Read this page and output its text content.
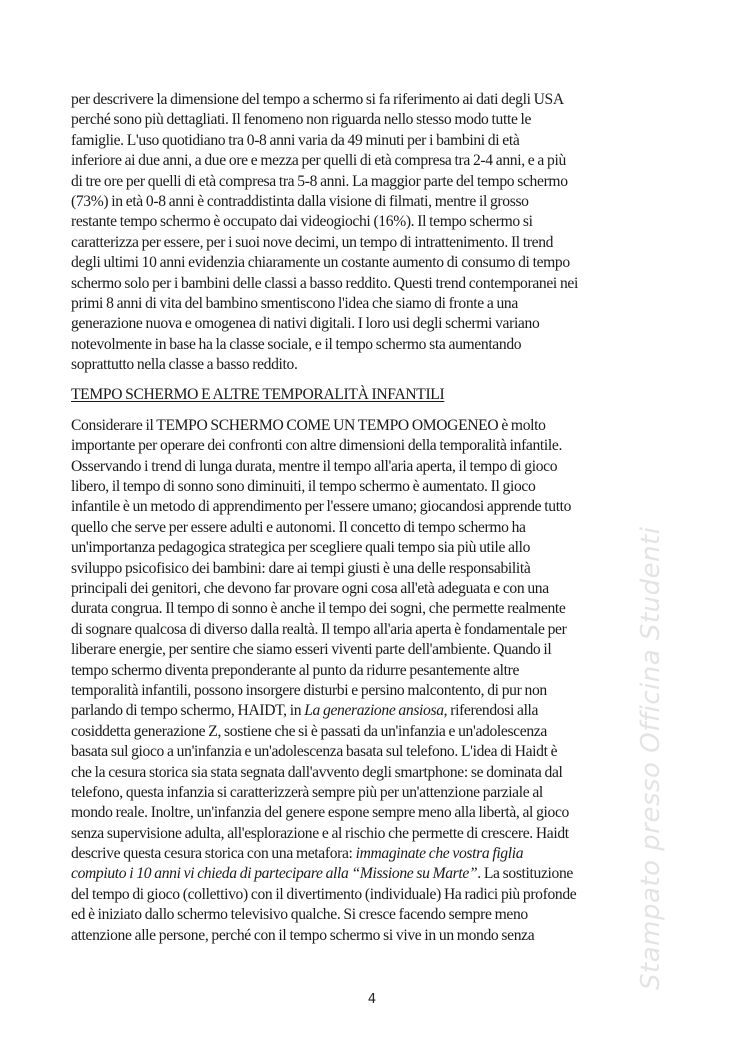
Stampato presso Officina Studenti
per descrivere la dimensione del tempo a schermo si fa riferimento ai dati degli USA
perché sono più dettagliati. Il fenomeno non riguarda nello stesso modo tutte le
famiglie. L'uso quotidiano tra 0-8 anni varia da 49 minuti per i bambini di età
inferiore ai due anni, a due ore e mezza per quelli di età compresa tra 2-4 anni, e a più
di tre ore per quelli di età compresa tra 5-8 anni. La maggior parte del tempo schermo
(73%) in età 0-8 anni è contraddistinta dalla visione di filmati, mentre il grosso
restante tempo schermo è occupato dai videogiochi (16%). Il tempo schermo si
caratterizza per essere, per i suoi nove decimi, un tempo di intrattenimento. Il trend
degli ultimi 10 anni evidenzia chiaramente un costante aumento di consumo di tempo
schermo solo per i bambini delle classi a basso reddito. Questi trend contemporanei nei
primi 8 anni di vita del bambino smentiscono l'idea che siamo di fronte a una
generazione nuova e omogenea di nativi digitali. I loro usi degli schermi variano
notevolmente in base ha la classe sociale, e il tempo schermo sta aumentando
soprattutto nella classe a basso reddito.
TEMPO SCHERMO E ALTRE TEMPORALITÀ INFANTILI
Considerare il TEMPO SCHERMO COME UN TEMPO OMOGENEO è molto
importante per operare dei confronti con altre dimensioni della temporalità infantile.
Osservando i trend di lunga durata, mentre il tempo all'aria aperta, il tempo di gioco
libero, il tempo di sonno sono diminuiti, il tempo schermo è aumentato. Il gioco
infantile è un metodo di apprendimento per l'essere umano; giocandosi apprende tutto
quello che serve per essere adulti e autonomi. Il concetto di tempo schermo ha
un'importanza pedagogica strategica per scegliere quali tempo sia più utile allo
sviluppo psicofisico dei bambini: dare ai tempi giusti è una delle responsabilità
principali dei genitori, che devono far provare ogni cosa all'età adeguata e con una
durata congrua. Il tempo di sonno è anche il tempo dei sogni, che permette realmente
di sognare qualcosa di diverso dalla realtà. Il tempo all'aria aperta è fondamentale per
liberare energie, per sentire che siamo esseri viventi parte dell'ambiente. Quando il
tempo schermo diventa preponderante al punto da ridurre pesantemente altre
temporalità infantili, possono insorgere disturbi e persino malcontento, di pur non
parlando di tempo schermo, HAIDT, in La generazione ansiosa, riferendosi alla
cosiddetta generazione Z, sostiene che si è passati da un'infanzia e un'adolescenza
basata sul gioco a un'infanzia e un'adolescenza basata sul telefono. L'idea di Haidt è
che la cesura storica sia stata segnata dall'avvento degli smartphone: se dominata dal
telefono, questa infanzia si caratterizzerà sempre più per un'attenzione parziale al
mondo reale. Inoltre, un'infanzia del genere espone sempre meno alla libertà, al gioco
senza supervisione adulta, all'esplorazione e al rischio che permette di crescere. Haidt
descrive questa cesura storica con una metafora: immaginate che vostra figlia
compiuto i 10 anni vi chieda di partecipare alla “Missione su Marte”. La sostituzione
del tempo di gioco (collettivo) con il divertimento (individuale) Ha radici più profonde
ed è iniziato dallo schermo televisivo qualche. Si cresce facendo sempre meno
attenzione alle persone, perché con il tempo schermo si vive in un mondo senza
4
